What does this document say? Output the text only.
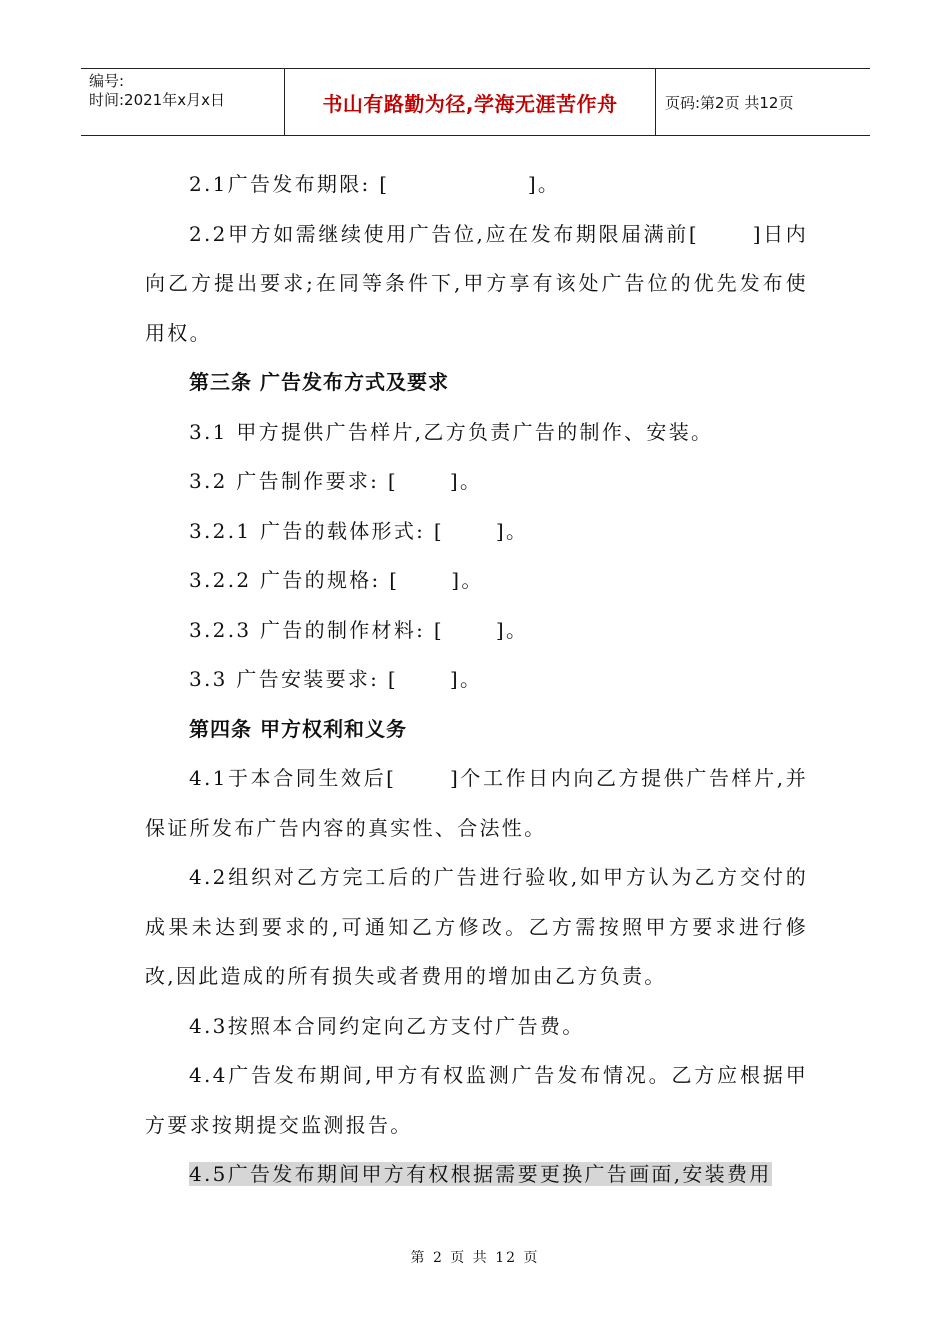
编号:
时间:2021年x月x日	书山有路勤为径,学海无涯苦作舟	页码:第2页 共12页

2.1广告发布期限: [                ]。

2.2甲方如需继续使用广告位,应在发布期限届满前[      ]日内向乙方提出要求;在同等条件下,甲方享有该处广告位的优先发布使用权。

第三条 广告发布方式及要求

3.1 甲方提供广告样片,乙方负责广告的制作、安装。

3.2 广告制作要求: [      ]。

3.2.1 广告的载体形式: [      ]。

3.2.2 广告的规格: [      ]。

3.2.3 广告的制作材料: [      ]。

3.3 广告安装要求: [      ]。

第四条 甲方权利和义务

4.1于本合同生效后[      ]个工作日内向乙方提供广告样片,并保证所发布广告内容的真实性、合法性。

4.2组织对乙方完工后的广告进行验收,如甲方认为乙方交付的成果未达到要求的,可通知乙方修改。乙方需按照甲方要求进行修改,因此造成的所有损失或者费用的增加由乙方负责。

4.3按照本合同约定向乙方支付广告费。

4.4广告发布期间,甲方有权监测广告发布情况。乙方应根据甲方要求按期提交监测报告。

4.5广告发布期间甲方有权根据需要更换广告画面,安装费用

第 2 页 共 12 页
